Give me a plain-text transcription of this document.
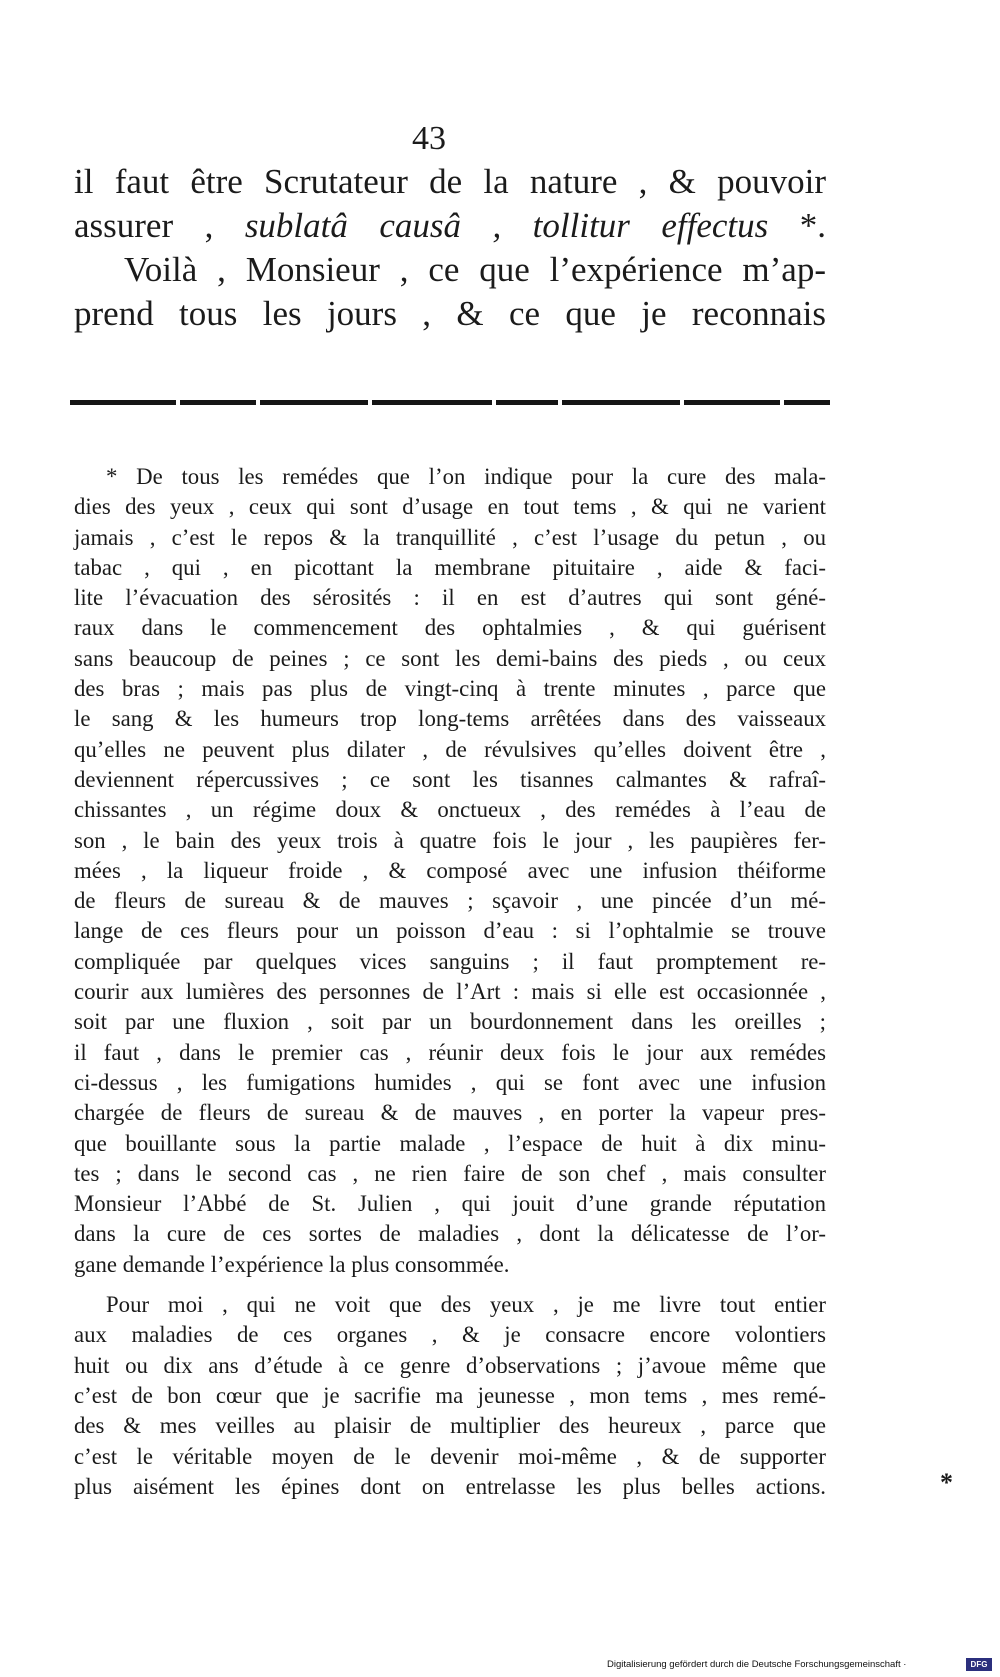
43
il faut être Scrutateur de la nature , & pouvoir
assurer , sublatâ causâ , tollitur effectus *.
Voilà , Monsieur , ce que l’expérience m’ap-
prend tous les jours , & ce que je reconnais
* De tous les remédes que l’on indique pour la cure des mala-
dies des yeux , ceux qui sont d’usage en tout tems , & qui ne varient
jamais , c’est le repos & la tranquillité , c’est l’usage du petun , ou
tabac , qui , en picottant la membrane pituitaire , aide & faci-
lite l’évacuation des sérosités : il en est d’autres qui sont géné-
raux dans le commencement des ophtalmies , & qui guérisent
sans beaucoup de peines ; ce sont les demi-bains des pieds , ou ceux
des bras ; mais pas plus de vingt-cinq à trente minutes , parce que
le sang & les humeurs trop long-tems arrêtées dans des vaisseaux
qu’elles ne peuvent plus dilater , de révulsives qu’elles doivent être ,
deviennent répercussives ; ce sont les tisannes calmantes & rafraî-
chissantes , un régime doux & onctueux , des remédes à l’eau de
son , le bain des yeux trois à quatre fois le jour , les paupières fer-
mées , la liqueur froide , & composé avec une infusion théiforme
de fleurs de sureau & de mauves ; sçavoir , une pincée d’un mé-
lange de ces fleurs pour un poisson d’eau : si l’ophtalmie se trouve
compliquée par quelques vices sanguins ; il faut promptement re-
courir aux lumières des personnes de l’Art : mais si elle est occasionnée ,
soit par une fluxion , soit par un bourdonnement dans les oreilles ;
il faut , dans le premier cas , réunir deux fois le jour aux remédes
ci-dessus , les fumigations humides , qui se font avec une infusion
chargée de fleurs de sureau & de mauves , en porter la vapeur pres-
que bouillante sous la partie malade , l’espace de huit à dix minu-
tes ; dans le second cas , ne rien faire de son chef , mais consulter
Monsieur l’Abbé de St. Julien , qui jouit d’une grande réputation
dans la cure de ces sortes de maladies , dont la délicatesse de l’or-
gane demande l’expérience la plus consommée.
Pour moi , qui ne voit que des yeux , je me livre tout entier
aux maladies de ces organes , & je consacre encore volontiers
huit ou dix ans d’étude à ce genre d’observations ; j’avoue même que
c’est de bon cœur que je sacrifie ma jeunesse , mon tems , mes remé-
des & mes veilles au plaisir de multiplier des heureux , parce que
c’est le véritable moyen de le devenir moi-même , & de supporter
plus aisément les épines dont on entrelasse les plus belles actions.	*
Digitalisierung gefördert durch die Deutsche Forschungsgemeinschaft ·	DFG
